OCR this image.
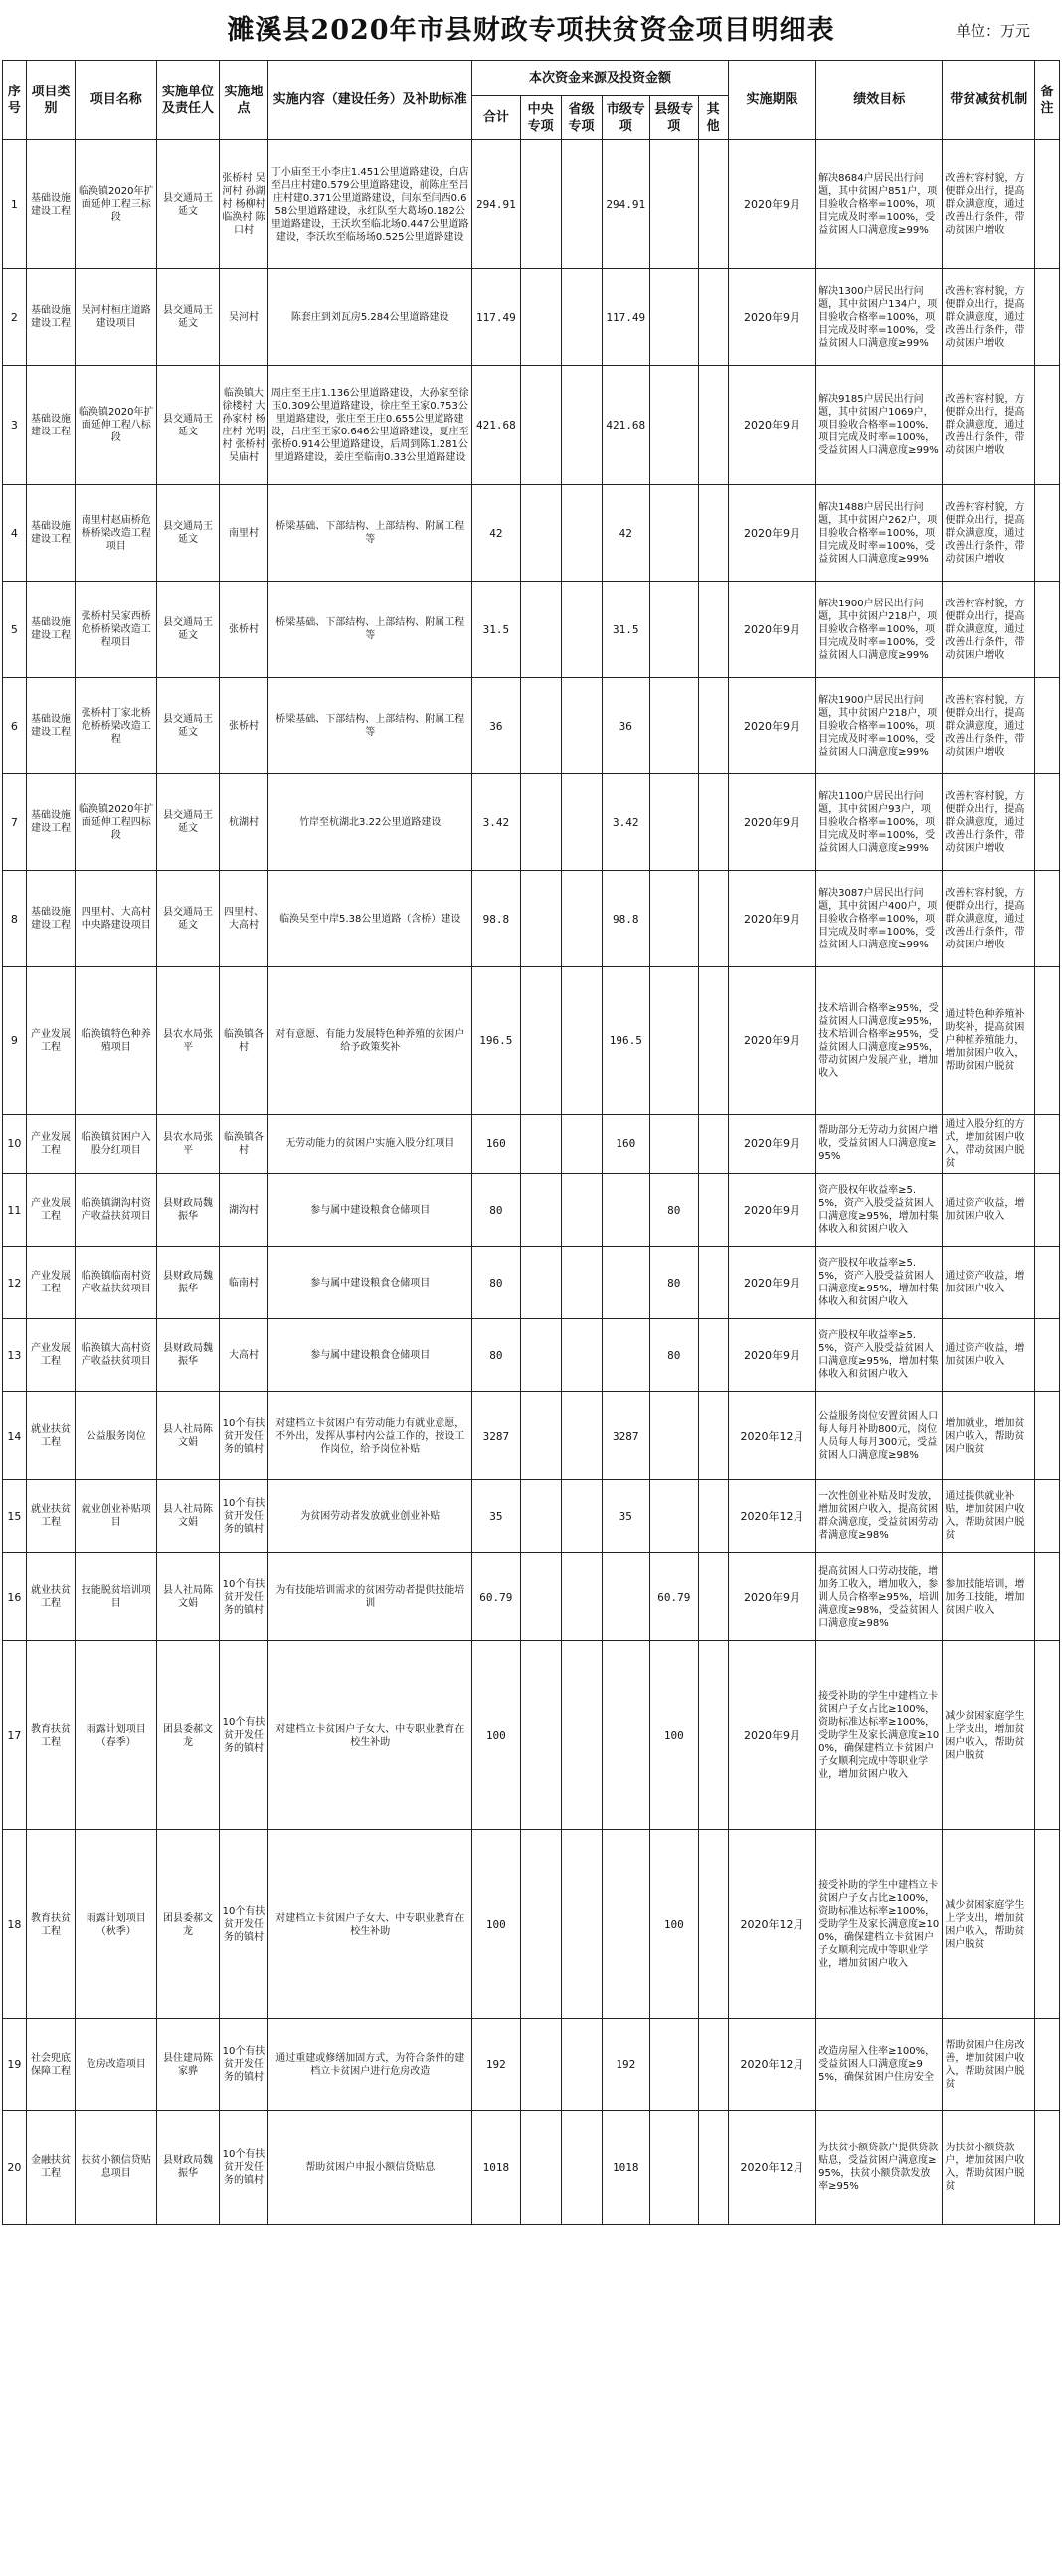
濉溪县2020年市县财政专项扶贫资金项目明细表	单位：万元
序号	项目类别	项目名称	实施单位及责任人	实施地点	实施内容（建设任务）及补助标准	本次资金来源及投资金额						实施期限	绩效目标	带贫减贫机制	备注
						合计	中央专项	省级专项	市级专项	县级专项	其他				
1	基础设施建设工程	临涣镇2020年扩面延伸工程三标段	县交通局王延文	张桥村 吴河村 孙湖村 杨柳村 临涣村 陈口村	丁小庙至王小李庄1.451公里道路建设，白店至吕庄村建0.579公里道路建设，前陈庄至吕庄村建0.371公里道路建设，闫东至闫西0.658公里道路建设，永红队至大葛场0.182公里道路建设，王沃坎至临北场0.447公里道路建设，李沃坎至临场场0.525公里道路建设	294.91			294.91			2020年9月	解决8684户居民出行问题，其中贫困户851户，项目验收合格率=100%，项目完成及时率=100%，受益贫困人口满意度≥99%	改善村容村貌，方便群众出行，提高群众满意度，通过改善出行条件，带动贫困户增收	
2	基础设施建设工程	吴河村桓庄道路建设项目	县交通局王延文	吴河村	陈套庄到刘瓦房5.284公里道路建设	117.49			117.49			2020年9月	解决1300户居民出行问题，其中贫困户134户，项目验收合格率=100%，项目完成及时率=100%，受益贫困人口满意度≥99%	改善村容村貌，方便群众出行，提高群众满意度，通过改善出行条件，带动贫困户增收	
3	基础设施建设工程	临涣镇2020年扩面延伸工程八标段	县交通局王延文	临涣镇大徐楼村 大孙家村 杨庄村 光明村 张桥村 吴庙村	周庄至王庄1.136公里道路建设，大孙家至徐玉0.309公里道路建设，徐庄至王家0.753公里道路建设，张庄至王庄0.655公里道路建设，吕庄至王家0.646公里道路建设，夏庄至张桥0.914公里道路建设，后周到陈1.281公里道路建设，姜庄至临南0.33公里道路建设	421.68			421.68			2020年9月	解决9185户居民出行问题，其中贫困户1069户，项目验收合格率=100%，项目完成及时率=100%，受益贫困人口满意度≥99%	改善村容村貌，方便群众出行，提高群众满意度，通过改善出行条件，带动贫困户增收	
4	基础设施建设工程	南里村赵庙桥危桥桥梁改造工程项目	县交通局王延文	南里村	桥梁基础、下部结构、上部结构、附属工程等	42			42			2020年9月	解决1488户居民出行问题，其中贫困户262户，项目验收合格率=100%，项目完成及时率=100%，受益贫困人口满意度≥99%	改善村容村貌，方便群众出行，提高群众满意度，通过改善出行条件，带动贫困户增收	
5	基础设施建设工程	张桥村吴家西桥危桥桥梁改造工程项目	县交通局王延文	张桥村	桥梁基础、下部结构、上部结构、附属工程等	31.5			31.5			2020年9月	解决1900户居民出行问题，其中贫困户218户，项目验收合格率=100%，项目完成及时率=100%，受益贫困人口满意度≥99%	改善村容村貌，方便群众出行，提高群众满意度，通过改善出行条件，带动贫困户增收	
6	基础设施建设工程	张桥村丁家北桥危桥桥梁改造工程	县交通局王延文	张桥村	桥梁基础、下部结构、上部结构、附属工程等	36			36			2020年9月	解决1900户居民出行问题，其中贫困户218户，项目验收合格率=100%，项目完成及时率=100%，受益贫困人口满意度≥99%	改善村容村貌，方便群众出行，提高群众满意度，通过改善出行条件，带动贫困户增收	
7	基础设施建设工程	临涣镇2020年扩面延伸工程四标段	县交通局王延文	杭湖村	竹岸至杭湖北3.22公里道路建设	3.42			3.42			2020年9月	解决1100户居民出行问题，其中贫困户93户，项目验收合格率=100%，项目完成及时率=100%，受益贫困人口满意度≥99%	改善村容村貌，方便群众出行，提高群众满意度，通过改善出行条件，带动贫困户增收	
8	基础设施建设工程	四里村、大高村中央路建设项目	县交通局王延文	四里村、大高村	临涣吴至中岸5.38公里道路（含桥）建设	98.8			98.8			2020年9月	解决3087户居民出行问题，其中贫困户400户，项目验收合格率=100%，项目完成及时率=100%，受益贫困人口满意度≥99%	改善村容村貌，方便群众出行，提高群众满意度，通过改善出行条件，带动贫困户增收	
9	产业发展工程	临涣镇特色种养殖项目	县农水局张平	临涣镇各村	对有意愿、有能力发展特色种养殖的贫困户给予政策奖补	196.5			196.5			2020年9月	技术培训合格率≥95%，受益贫困人口满意度≥95%，技术培训合格率≥95%，受益贫困人口满意度≥95%，带动贫困户发展产业，增加收入	通过特色种养殖补助奖补，提高贫困户种植养殖能力，增加贫困户收入，帮助贫困户脱贫	
10	产业发展工程	临涣镇贫困户入股分红项目	县农水局张平	临涣镇各村	无劳动能力的贫困户实施入股分红项目	160			160			2020年9月	帮助部分无劳动力贫困户增收，受益贫困人口满意度≥95%	通过入股分红的方式，增加贫困户收入，带动贫困户脱贫	
11	产业发展工程	临涣镇湖沟村资产收益扶贫项目	县财政局魏振华	湖沟村	参与属中建设粮食仓储项目	80				80		2020年9月	资产股权年收益率≥5.5%，资产入股受益贫困人口满意度≥95%，增加村集体收入和贫困户收入	通过资产收益，增加贫困户收入	
12	产业发展工程	临涣镇临南村资产收益扶贫项目	县财政局魏振华	临南村	参与属中建设粮食仓储项目	80				80		2020年9月	资产股权年收益率≥5.5%，资产入股受益贫困人口满意度≥95%，增加村集体收入和贫困户收入	通过资产收益，增加贫困户收入	
13	产业发展工程	临涣镇大高村资产收益扶贫项目	县财政局魏振华	大高村	参与属中建设粮食仓储项目	80				80		2020年9月	资产股权年收益率≥5.5%，资产入股受益贫困人口满意度≥95%，增加村集体收入和贫困户收入	通过资产收益，增加贫困户收入	
14	就业扶贫工程	公益服务岗位	县人社局陈文娟	10个有扶贫开发任务的镇村	对建档立卡贫困户有劳动能力有就业意愿，不外出，发挥从事村内公益工作的，按设工作岗位，给予岗位补贴	3287			3287			2020年12月	公益服务岗位安置贫困人口每人每月补助800元，岗位人员每人每月300元，受益贫困人口满意度≥98%	增加就业，增加贫困户收入，帮助贫困户脱贫	
15	就业扶贫工程	就业创业补贴项目	县人社局陈文娟	10个有扶贫开发任务的镇村	为贫困劳动者发放就业创业补贴	35			35			2020年12月	一次性创业补贴及时发放，增加贫困户收入，提高贫困群众满意度，受益贫困劳动者满意度≥98%	通过提供就业补贴，增加贫困户收入，帮助贫困户脱贫	
16	就业扶贫工程	技能脱贫培训项目	县人社局陈文娟	10个有扶贫开发任务的镇村	为有技能培训需求的贫困劳动者提供技能培训	60.79				60.79		2020年9月	提高贫困人口劳动技能，增加务工收入，增加收入，参训人员合格率≥95%，培训满意度≥98%，受益贫困人口满意度≥98%	参加技能培训，增加务工技能，增加贫困户收入	
17	教育扶贫工程	雨露计划项目（春季）	团县委郝文龙	10个有扶贫开发任务的镇村	对建档立卡贫困户子女大、中专职业教育在校生补助	100				100		2020年9月	接受补助的学生中建档立卡贫困户子女占比≥100%，资助标准达标率≥100%，受助学生及家长满意度≥100%，确保建档立卡贫困户子女顺利完成中等职业学业，增加贫困户收入	减少贫困家庭学生上学支出，增加贫困户收入，帮助贫困户脱贫	
18	教育扶贫工程	雨露计划项目（秋季）	团县委郝文龙	10个有扶贫开发任务的镇村	对建档立卡贫困户子女大、中专职业教育在校生补助	100				100		2020年12月	接受补助的学生中建档立卡贫困户子女占比≥100%，资助标准达标率≥100%，受助学生及家长满意度≥100%，确保建档立卡贫困户子女顺利完成中等职业学业，增加贫困户收入	减少贫困家庭学生上学支出，增加贫困户收入，帮助贫困户脱贫	
19	社会兜底保障工程	危房改造项目	县住建局陈家骅	10个有扶贫开发任务的镇村	通过重建或修缮加固方式，为符合条件的建档立卡贫困户进行危房改造	192			192			2020年12月	改造房屋入住率≥100%，受益贫困人口满意度≥95%，确保贫困户住房安全	帮助贫困户住房改善，增加贫困户收入，帮助贫困户脱贫	
20	金融扶贫工程	扶贫小额信贷贴息项目	县财政局魏振华	10个有扶贫开发任务的镇村	帮助贫困户申报小额信贷贴息	1018			1018			2020年12月	为扶贫小额贷款户提供贷款贴息，受益贫困户满意度≥95%，扶贫小额贷款发放率≥95%	为扶贫小额贷款户，增加贫困户收入，帮助贫困户脱贫	
